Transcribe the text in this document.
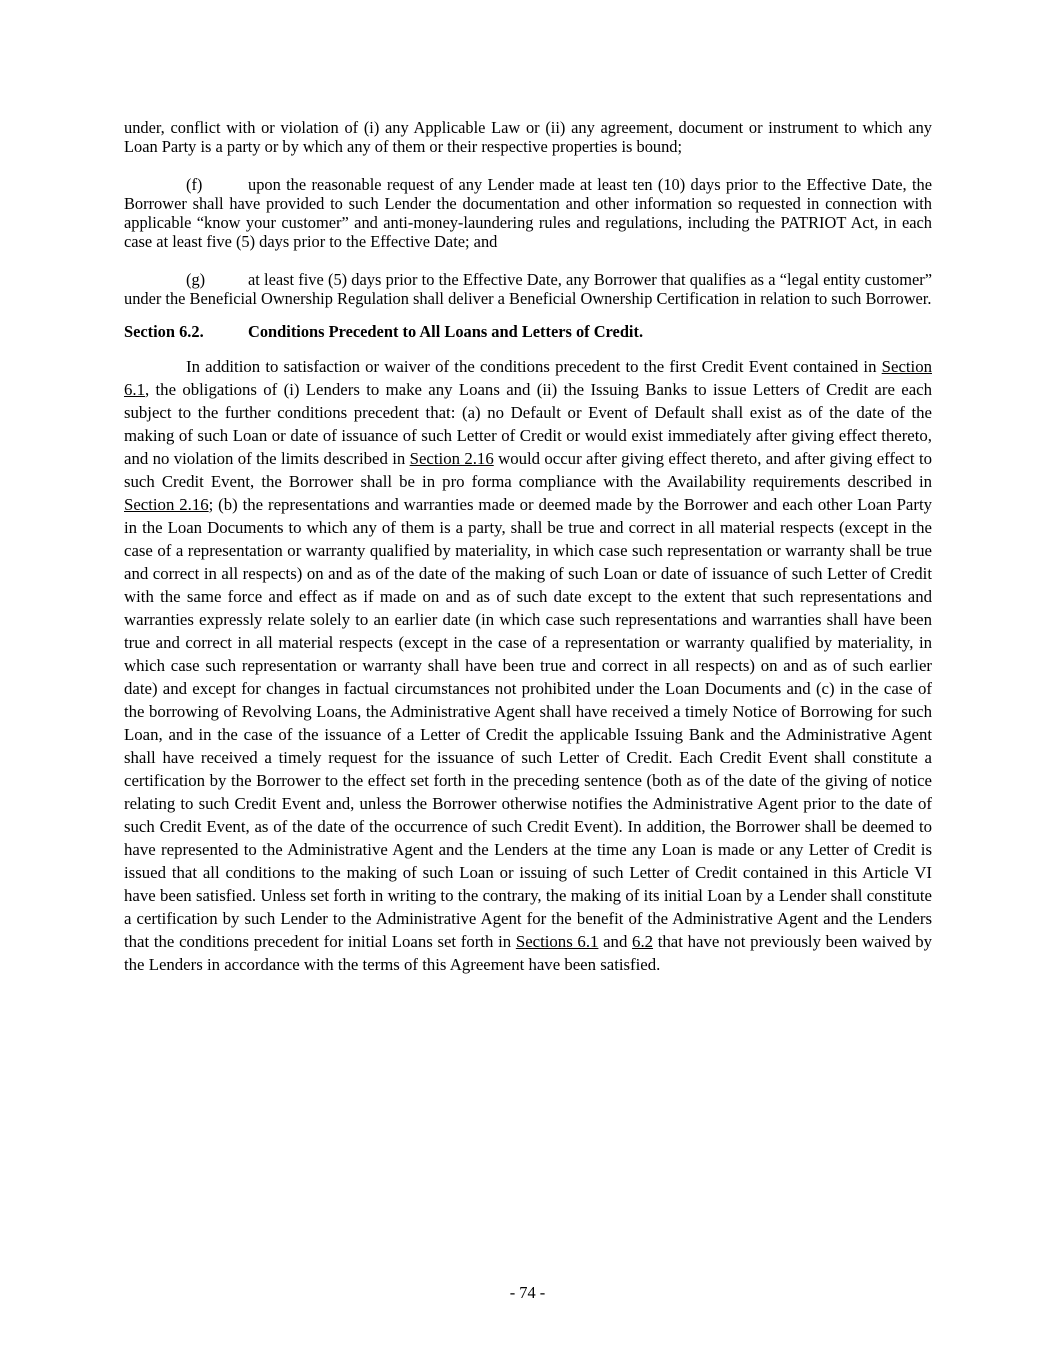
under, conflict with or violation of (i) any Applicable Law or (ii) any agreement, document or instrument to which any Loan Party is a party or by which any of them or their respective properties is bound;

(f)	upon the reasonable request of any Lender made at least ten (10) days prior to the Effective Date, the Borrower shall have provided to such Lender the documentation and other information so requested in connection with applicable “know your customer” and anti-money-laundering rules and regulations, including the PATRIOT Act, in each case at least five (5) days prior to the Effective Date; and

(g)	at least five (5) days prior to the Effective Date, any Borrower that qualifies as a “legal entity customer” under the Beneficial Ownership Regulation shall deliver a Beneficial Ownership Certification in relation to such Borrower.

Section 6.2.	Conditions Precedent to All Loans and Letters of Credit.

In addition to satisfaction or waiver of the conditions precedent to the first Credit Event contained in Section 6.1, the obligations of (i) Lenders to make any Loans and (ii) the Issuing Banks to issue Letters of Credit are each subject to the further conditions precedent that: (a) no Default or Event of Default shall exist as of the date of the making of such Loan or date of issuance of such Letter of Credit or would exist immediately after giving effect thereto, and no violation of the limits described in Section 2.16 would occur after giving effect thereto, and after giving effect to such Credit Event, the Borrower shall be in pro forma compliance with the Availability requirements described in Section 2.16; (b) the representations and warranties made or deemed made by the Borrower and each other Loan Party in the Loan Documents to which any of them is a party, shall be true and correct in all material respects (except in the case of a representation or warranty qualified by materiality, in which case such representation or warranty shall be true and correct in all respects) on and as of the date of the making of such Loan or date of issuance of such Letter of Credit with the same force and effect as if made on and as of such date except to the extent that such representations and warranties expressly relate solely to an earlier date (in which case such representations and warranties shall have been true and correct in all material respects (except in the case of a representation or warranty qualified by materiality, in which case such representation or warranty shall have been true and correct in all respects) on and as of such earlier date) and except for changes in factual circumstances not prohibited under the Loan Documents and (c) in the case of the borrowing of Revolving Loans, the Administrative Agent shall have received a timely Notice of Borrowing for such Loan, and in the case of the issuance of a Letter of Credit the applicable Issuing Bank and the Administrative Agent shall have received a timely request for the issuance of such Letter of Credit. Each Credit Event shall constitute a certification by the Borrower to the effect set forth in the preceding sentence (both as of the date of the giving of notice relating to such Credit Event and, unless the Borrower otherwise notifies the Administrative Agent prior to the date of such Credit Event, as of the date of the occurrence of such Credit Event). In addition, the Borrower shall be deemed to have represented to the Administrative Agent and the Lenders at the time any Loan is made or any Letter of Credit is issued that all conditions to the making of such Loan or issuing of such Letter of Credit contained in this Article VI have been satisfied. Unless set forth in writing to the contrary, the making of its initial Loan by a Lender shall constitute a certification by such Lender to the Administrative Agent for the benefit of the Administrative Agent and the Lenders that the conditions precedent for initial Loans set forth in Sections 6.1 and 6.2 that have not previously been waived by the Lenders in accordance with the terms of this Agreement have been satisfied.

- 74 -
